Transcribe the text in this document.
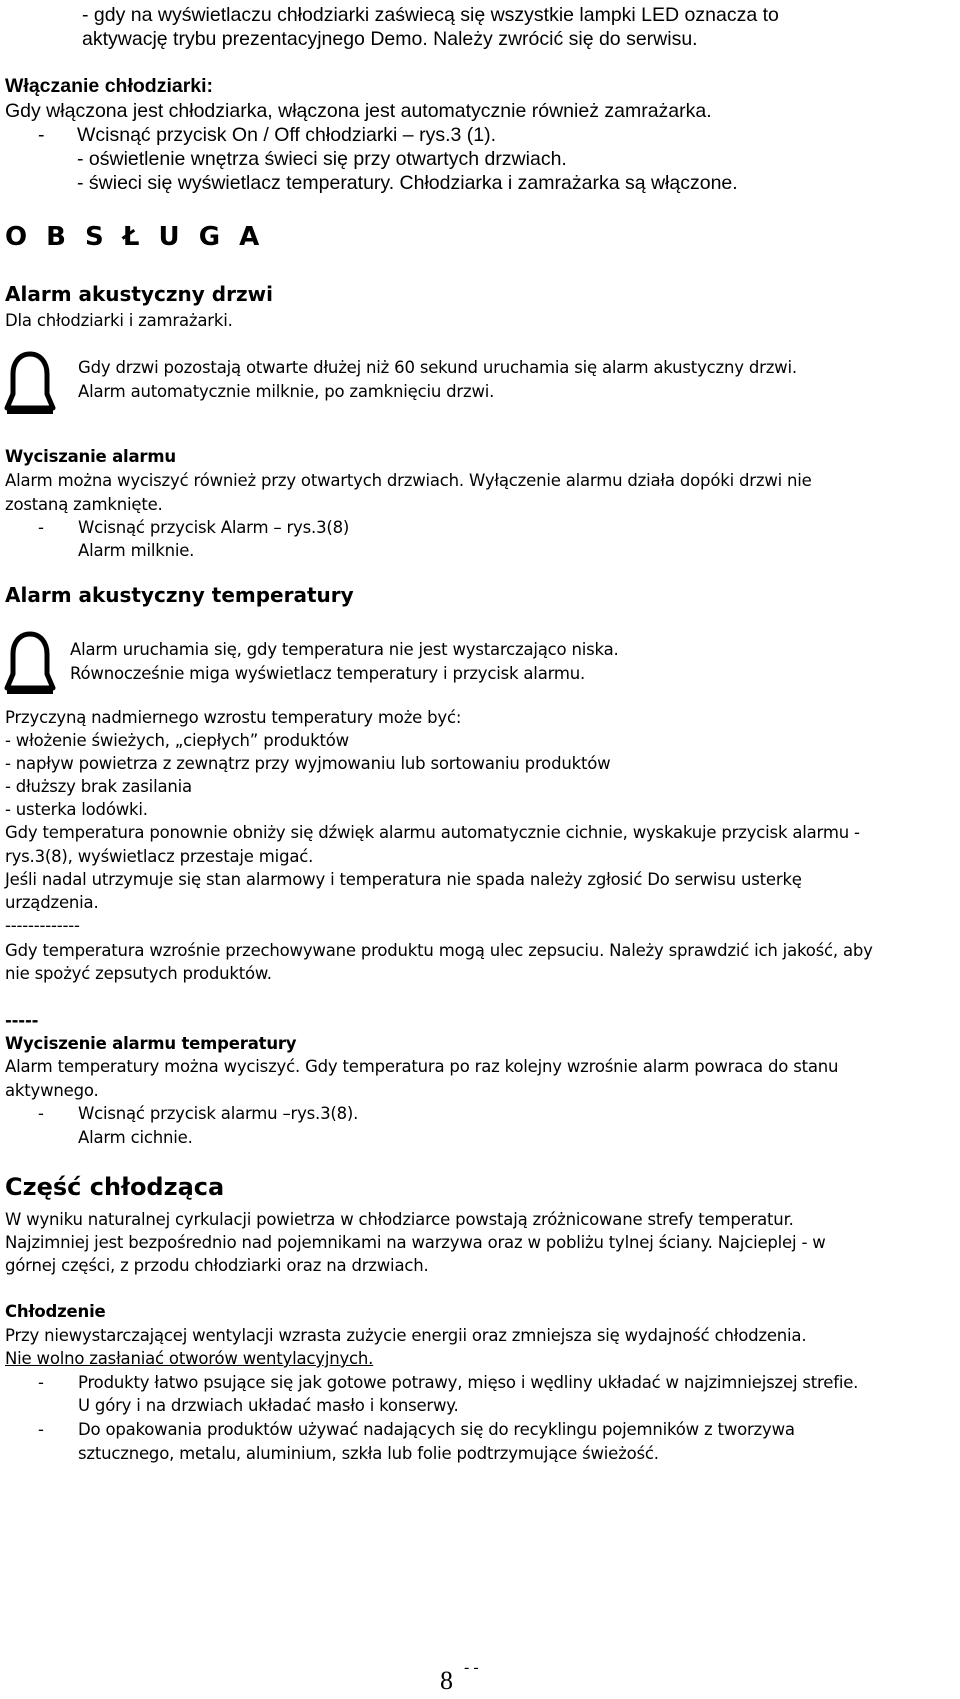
- gdy na wyświetlaczu chłodziarki zaświecą się wszystkie lampki LED oznacza to
aktywację trybu prezentacyjnego Demo. Należy zwrócić się do serwisu.
Włączanie chłodziarki:
Gdy włączona jest chłodziarka, włączona jest automatycznie również zamrażarka.
- Wcisnąć przycisk On / Off chłodziarki – rys.3 (1).
- oświetlenie wnętrza świeci się przy otwartych drzwiach.
- świeci się wyświetlacz temperatury. Chłodziarka i zamrażarka są włączone.
O B S Ł U G A
Alarm akustyczny drzwi
Dla chłodziarki i zamrażarki.
Gdy drzwi pozostają otwarte dłużej niż 60 sekund uruchamia się alarm akustyczny drzwi.
Alarm automatycznie milknie, po zamknięciu drzwi.
Wyciszanie alarmu
Alarm można wyciszyć również przy otwartych drzwiach. Wyłączenie alarmu działa dopóki drzwi nie
zostaną zamknięte.
- Wcisnąć przycisk Alarm – rys.3(8)
Alarm milknie.
Alarm akustyczny temperatury
Alarm uruchamia się, gdy temperatura nie jest wystarczająco niska.
Równocześnie miga wyświetlacz temperatury i przycisk alarmu.
Przyczyną nadmiernego wzrostu temperatury może być:
- włożenie świeżych, „ciepłych” produktów
- napływ powietrza z zewnątrz przy wyjmowaniu lub sortowaniu produktów
- dłuższy brak zasilania
- usterka lodówki.
Gdy temperatura ponownie obniży się dźwięk alarmu automatycznie cichnie, wyskakuje przycisk alarmu -
rys.3(8), wyświetlacz przestaje migać.
Jeśli nadal utrzymuje się stan alarmowy i temperatura nie spada należy zgłosić Do serwisu usterkę
urządzenia.
-------------
Gdy temperatura wzrośnie przechowywane produktu mogą ulec zepsuciu. Należy sprawdzić ich jakość, aby
nie spożyć zepsutych produktów.
-----
Wyciszenie alarmu temperatury
Alarm temperatury można wyciszyć. Gdy temperatura po raz kolejny wzrośnie alarm powraca do stanu
aktywnego.
- Wcisnąć przycisk alarmu –rys.3(8).
Alarm cichnie.
Część chłodząca
W wyniku naturalnej cyrkulacji powietrza w chłodziarce powstają zróżnicowane strefy temperatur.
Najzimniej jest bezpośrednio nad pojemnikami na warzywa oraz w pobliżu tylnej ściany. Najcieplej - w
górnej części, z przodu chłodziarki oraz na drzwiach.
Chłodzenie
Przy niewystarczającej wentylacji wzrasta zużycie energii oraz zmniejsza się wydajność chłodzenia.
Nie wolno zasłaniać otworów wentylacyjnych.
- Produkty łatwo psujące się jak gotowe potrawy, mięso i wędliny układać w najzimniejszej strefie.
U góry i na drzwiach układać masło i konserwy.
- Do opakowania produktów używać nadających się do recyklingu pojemników z tworzywa
sztucznego, metalu, aluminium, szkła lub folie podtrzymujące świeżość.
8 - -
